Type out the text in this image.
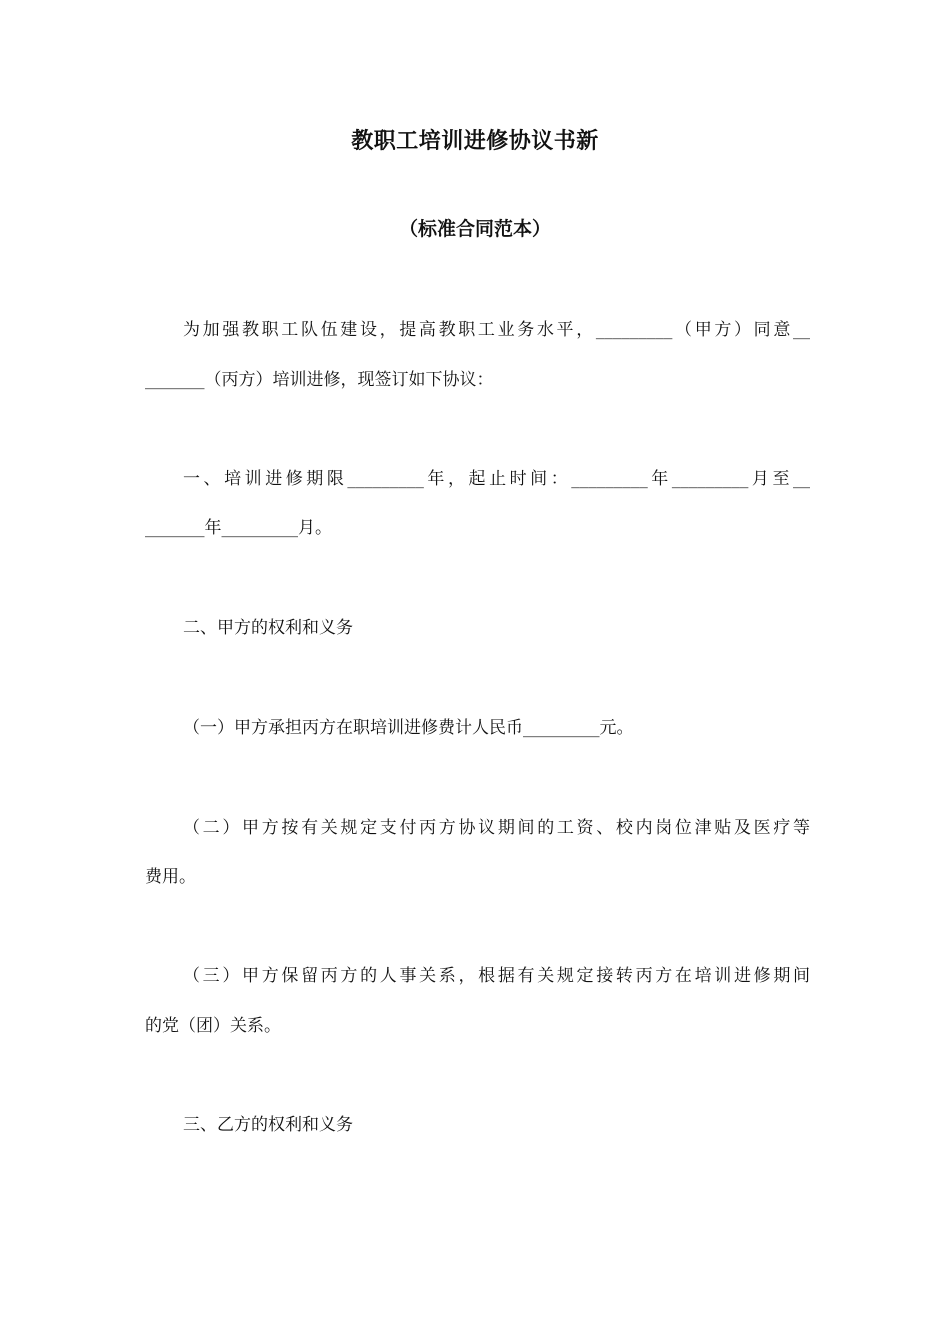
教职工培训进修协议书新
（标准合同范本）

为加强教职工队伍建设，提高教职工业务水平，_________（甲方）同意__

_______（丙方）培训进修，现签订如下协议：

一、培训进修期限_________年，起止时间：_________年_________月至__

_______年_________月。

二、甲方的权利和义务

（一）甲方承担丙方在职培训进修费计人民币_________元。

（二）甲方按有关规定支付丙方协议期间的工资、校内岗位津贴及医疗等

费用。

（三）甲方保留丙方的人事关系，根据有关规定接转丙方在培训进修期间

的党（团）关系。

三、乙方的权利和义务
